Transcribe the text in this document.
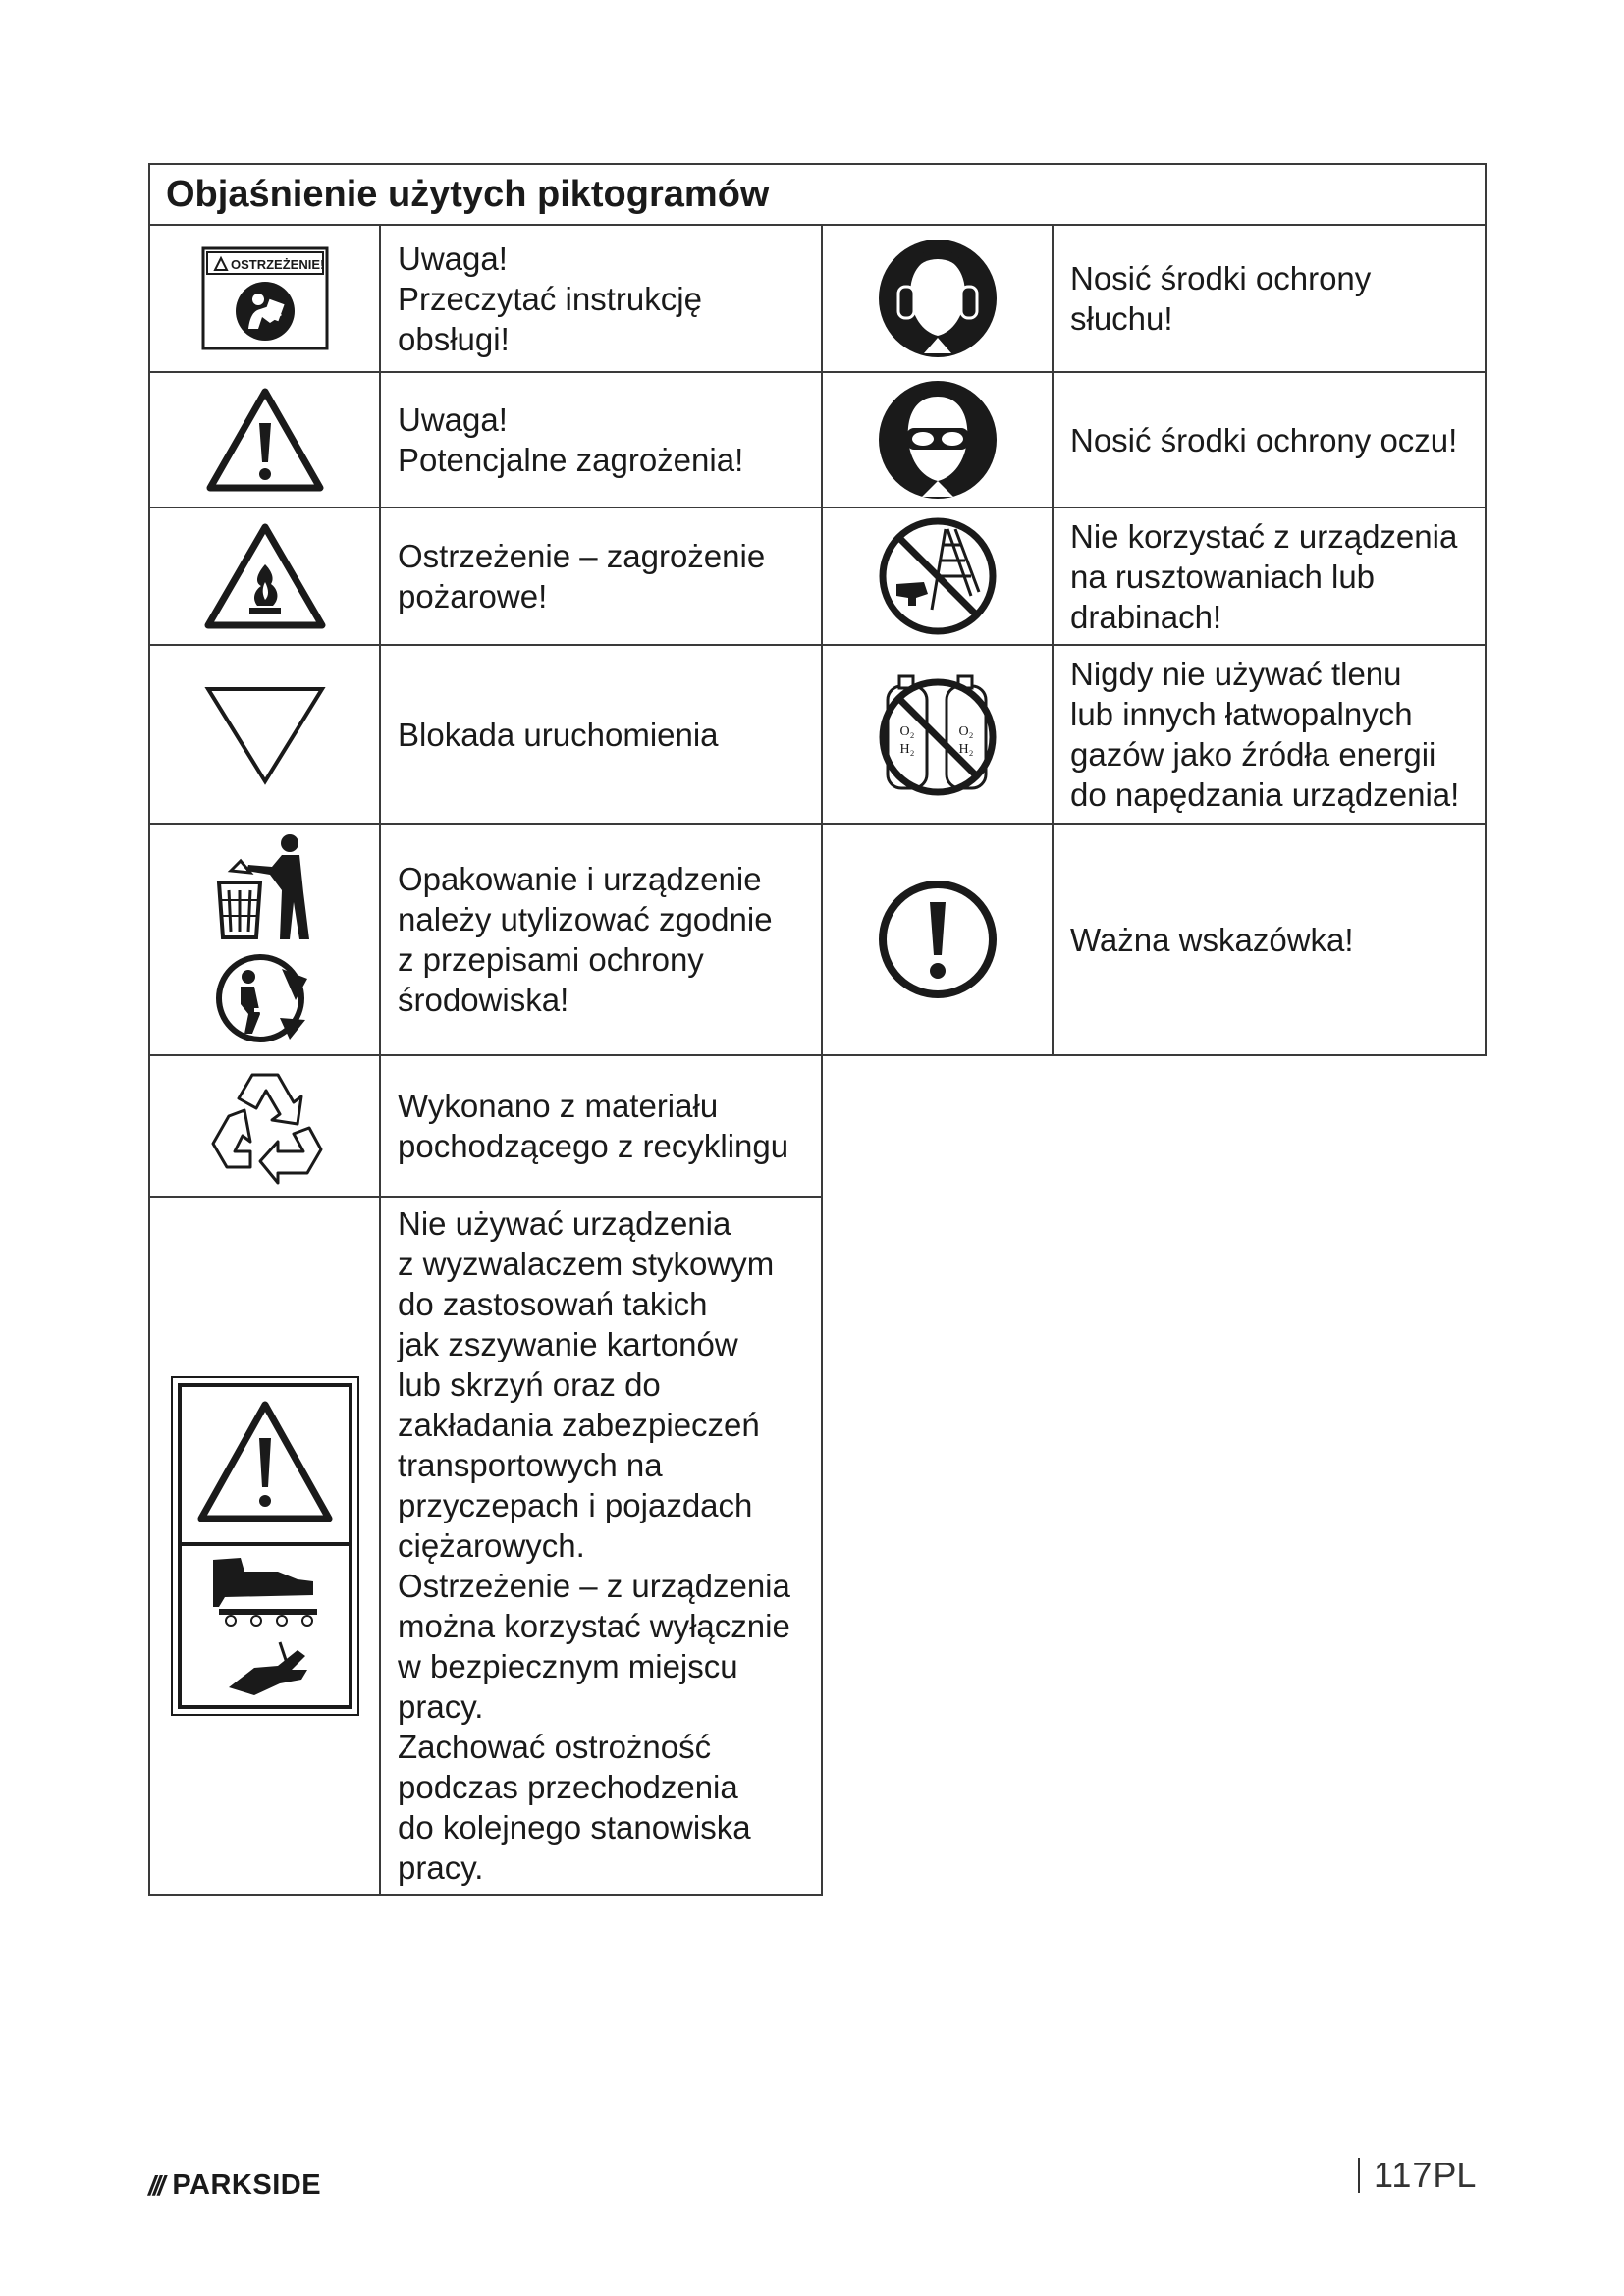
Objaśnienie użytych piktogramów
OSTRZEŻENIE! Uwaga!
Przeczytać instrukcję
obsługi!
Uwaga!
Potencjalne zagrożenia!
Ostrzeżenie – zagrożenie
pożarowe!
Blokada uruchomienia
Opakowanie i urządzenie
należy utylizować zgodnie
z przepisami ochrony
środowiska!
Wykonano z materiału
pochodzącego z recyklingu
Nie używać urządzenia
z wyzwalaczem stykowym
do zastosowań takich
jak zszywanie kartonów
lub skrzyń oraz do
zakładania zabezpieczeń
transportowych na
przyczepach i pojazdach
ciężarowych.
Ostrzeżenie – z urządzenia
można korzystać wyłącznie
w bezpiecznym miejscu
pracy.
Zachować ostrożność
podczas przechodzenia
do kolejnego stanowiska
pracy.
Nosić środki ochrony
słuchu!
Nosić środki ochrony oczu!
Nie korzystać z urządzenia
na rusztowaniach lub
drabinach!
O₂
H₂
O₂
H₂
Nigdy nie używać tlenu
lub innych łatwopalnych
gazów jako źródła energii
do napędzania urządzenia!
Ważna wskazówka!
/// PARKSIDE	117 PL
